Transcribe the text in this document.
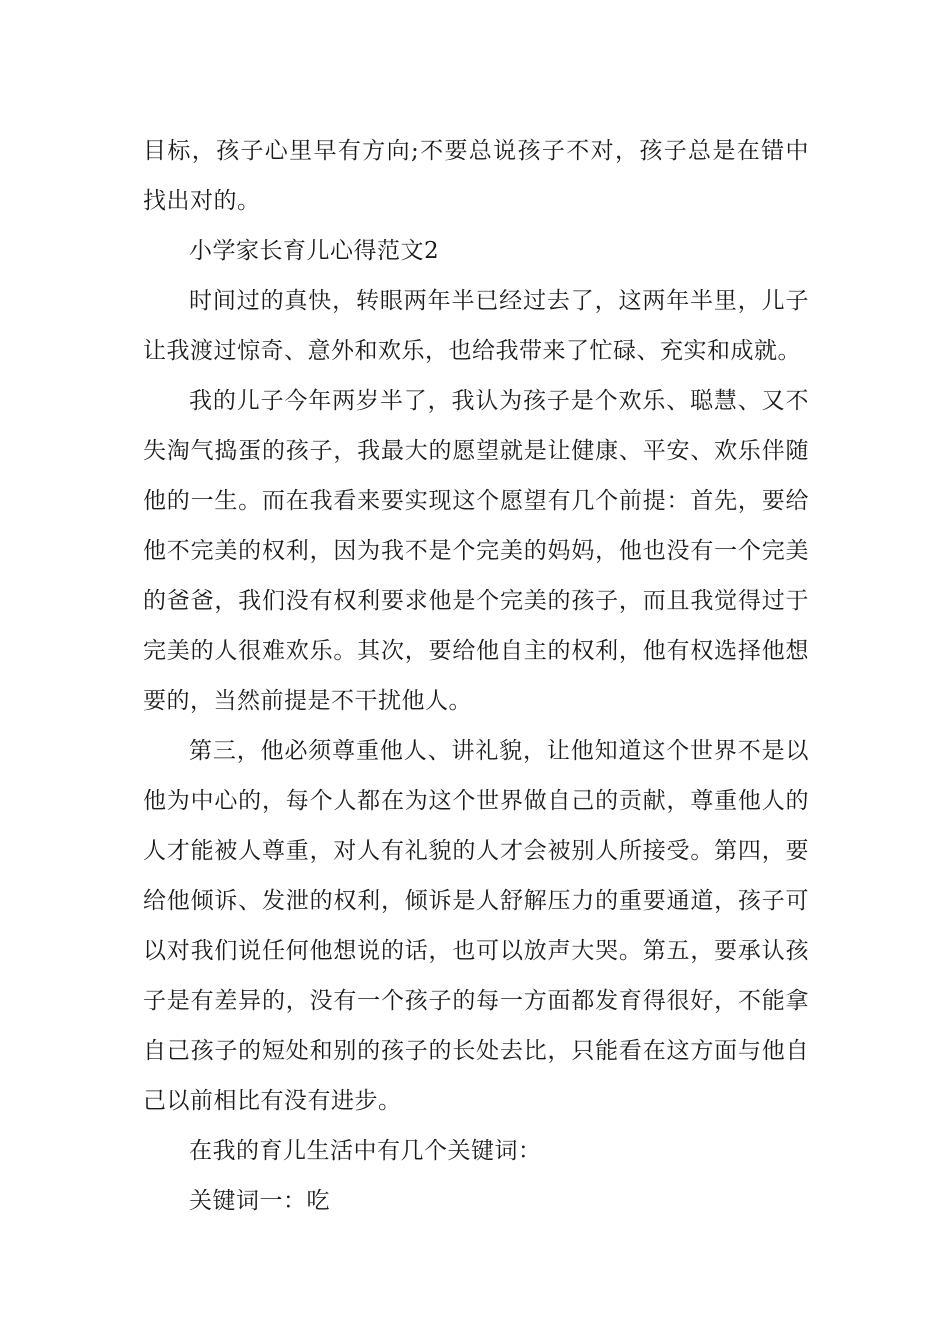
目标，孩子心里早有方向;不要总说孩子不对，孩子总是在错中找出对的。

小学家长育儿心得范文2

时间过的真快，转眼两年半已经过去了，这两年半里，儿子让我渡过惊奇、意外和欢乐，也给我带来了忙碌、充实和成就。

我的儿子今年两岁半了，我认为孩子是个欢乐、聪慧、又不失淘气捣蛋的孩子，我最大的愿望就是让健康、平安、欢乐伴随他的一生。而在我看来要实现这个愿望有几个前提：首先，要给他不完美的权利，因为我不是个完美的妈妈，他也没有一个完美的爸爸，我们没有权利要求他是个完美的孩子，而且我觉得过于完美的人很难欢乐。其次，要给他自主的权利，他有权选择他想要的，当然前提是不干扰他人。

第三，他必须尊重他人、讲礼貌，让他知道这个世界不是以他为中心的，每个人都在为这个世界做自己的贡献，尊重他人的人才能被人尊重，对人有礼貌的人才会被别人所接受。第四，要给他倾诉、发泄的权利，倾诉是人舒解压力的重要通道，孩子可以对我们说任何他想说的话，也可以放声大哭。第五，要承认孩子是有差异的，没有一个孩子的每一方面都发育得很好，不能拿自己孩子的短处和别的孩子的长处去比，只能看在这方面与他自己以前相比有没有进步。

在我的育儿生活中有几个关键词：

关键词一：吃
